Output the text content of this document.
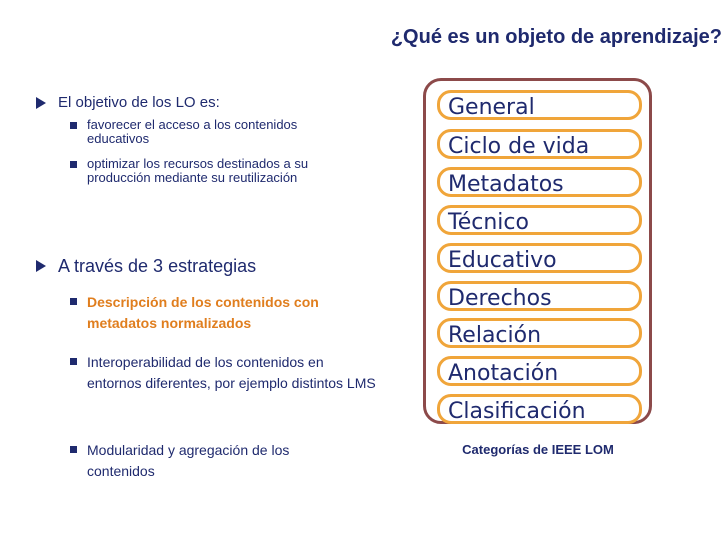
¿Qué es un objeto de aprendizaje?
El objetivo de los LO es:
favorecer el acceso a los contenidos educativos
optimizar los recursos destinados a su producción mediante su reutilización
A través de 3 estrategias
Descripción de los contenidos con metadatos normalizados
Interoperabilidad de los contenidos en entornos diferentes, por ejemplo distintos LMS
Modularidad y agregación de los contenidos
General
Ciclo de vida
Metadatos
Técnico
Educativo
Derechos
Relación
Anotación
Clasificación
Categorías de IEEE LOM
